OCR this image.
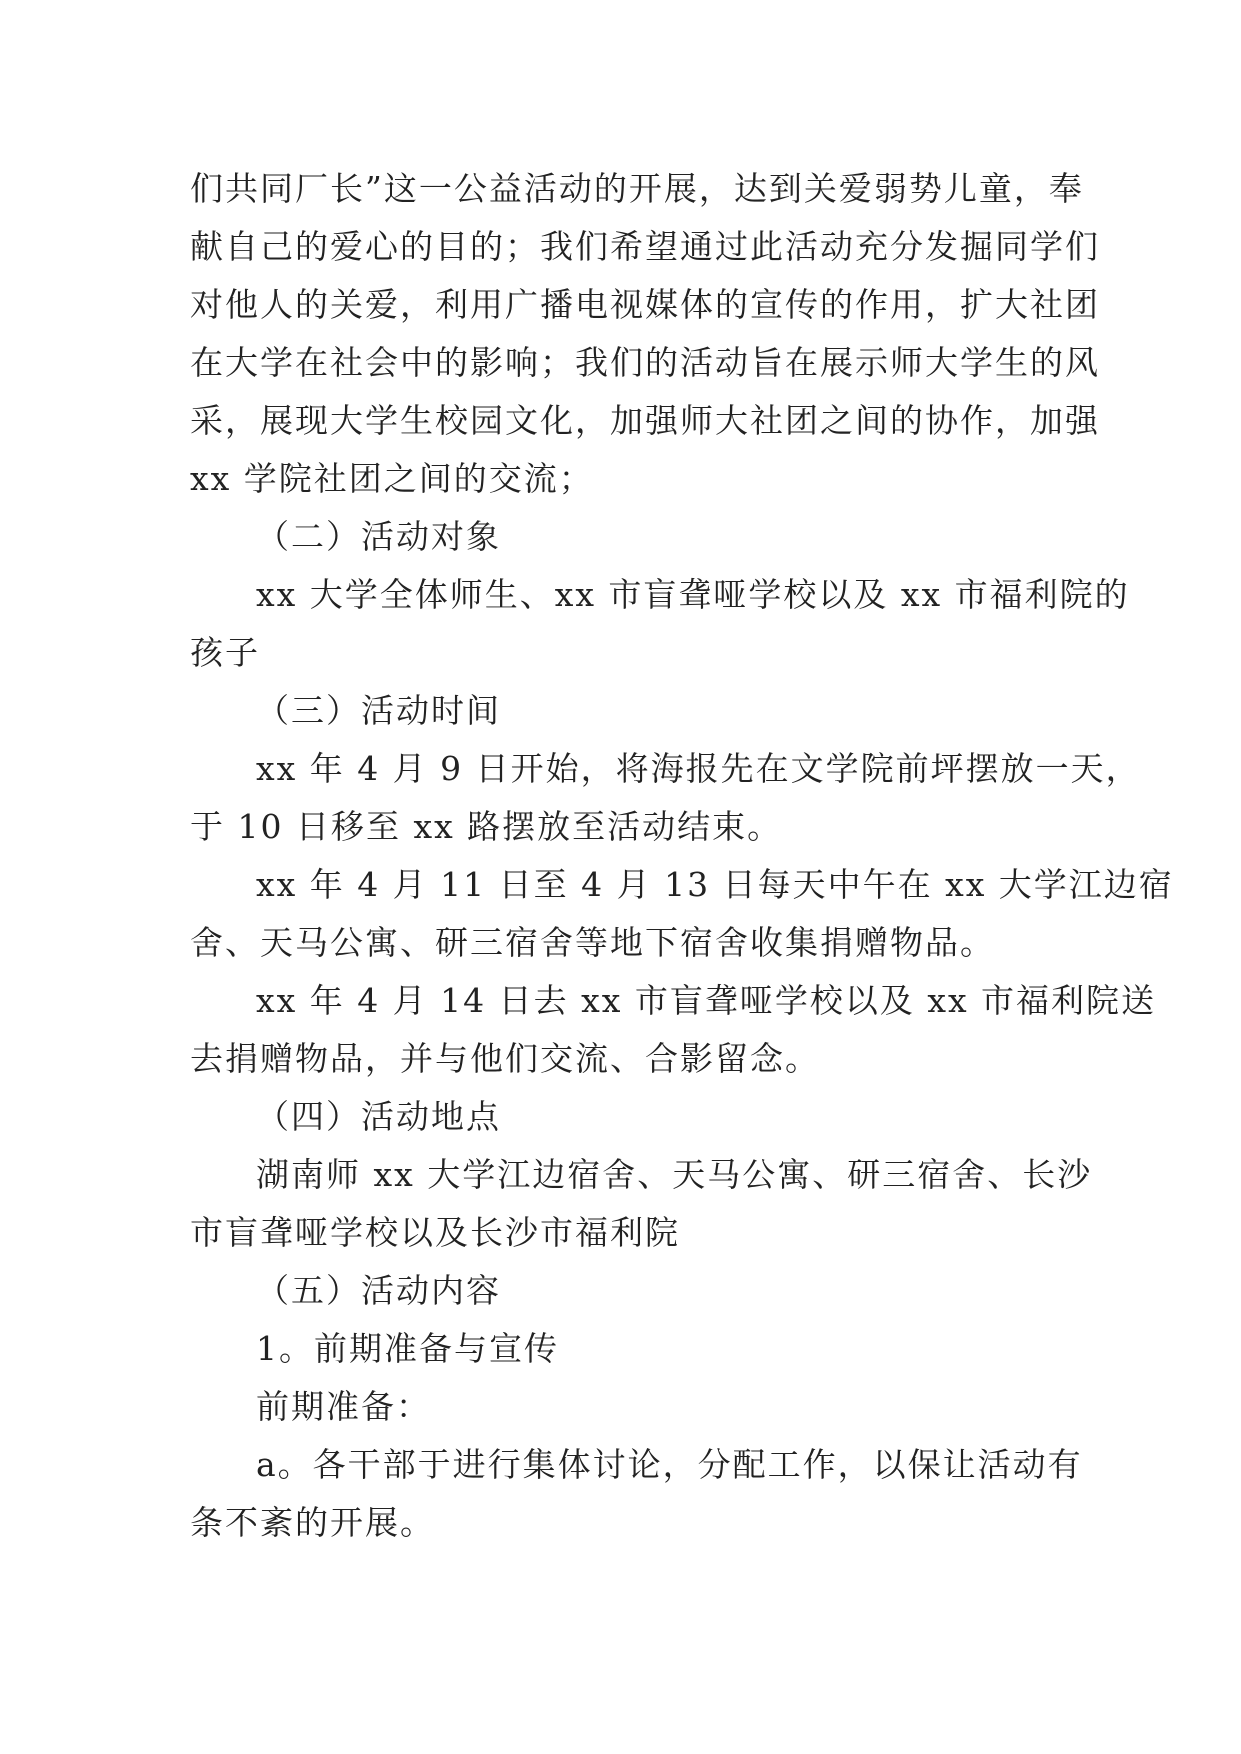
们共同厂长”这一公益活动的开展，达到关爱弱势儿童，奉
献自己的爱心的目的；我们希望通过此活动充分发掘同学们
对他人的关爱，利用广播电视媒体的宣传的作用，扩大社团
在大学在社会中的影响；我们的活动旨在展示师大学生的风
采，展现大学生校园文化，加强师大社团之间的协作，加强
xx 学院社团之间的交流；
（二）活动对象
xx 大学全体师生、xx 市盲聋哑学校以及 xx 市福利院的
孩子
（三）活动时间
xx 年 4 月 9 日开始，将海报先在文学院前坪摆放一天，
于 10 日移至 xx 路摆放至活动结束。
xx 年 4 月 11 日至 4 月 13 日每天中午在 xx 大学江边宿
舍、天马公寓、研三宿舍等地下宿舍收集捐赠物品。
xx 年 4 月 14 日去 xx 市盲聋哑学校以及 xx 市福利院送
去捐赠物品，并与他们交流、合影留念。
（四）活动地点
湖南师 xx 大学江边宿舍、天马公寓、研三宿舍、长沙
市盲聋哑学校以及长沙市福利院
（五）活动内容
1。前期准备与宣传
前期准备：
a。各干部于进行集体讨论，分配工作，以保让活动有
条不紊的开展。
